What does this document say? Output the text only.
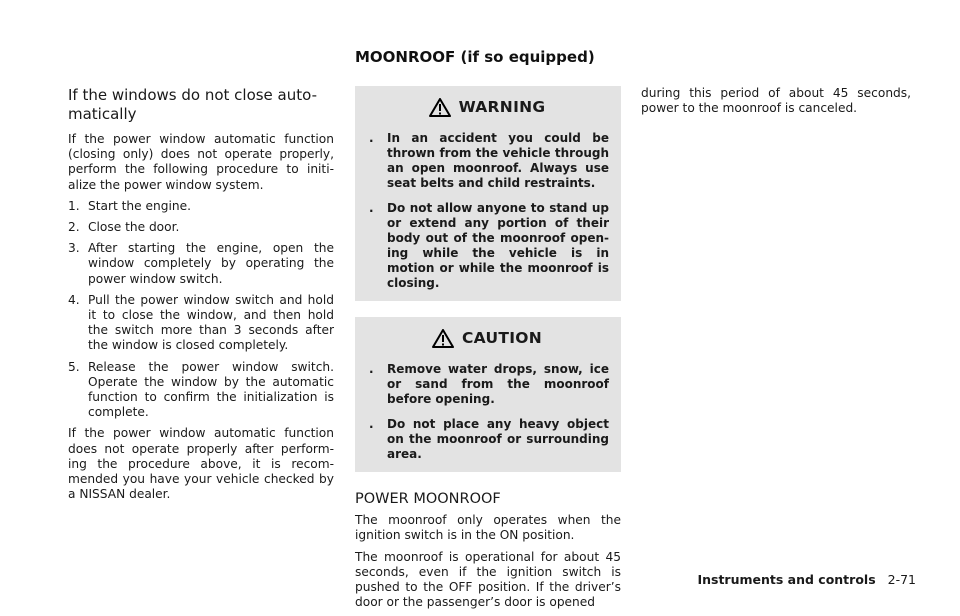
MOONROOF (if so equipped)
If the windows do not close auto-matically

If the power window automatic function (closing only) does not operate properly, perform the following procedure to initi-alize the power window system.

1. Start the engine.
2. Close the door.
3. After starting the engine, open the window completely by operating the power window switch.
4. Pull the power window switch and hold it to close the window, and then hold the switch more than 3 seconds after the window is closed completely.
5. Release the power window switch. Operate the window by the automatic function to confirm the initialization is complete.

If the power window automatic function does not operate properly after perform-ing the procedure above, it is recom-mended you have your vehicle checked by a NISSAN dealer.

WARNING
.	In an accident you could be thrown from the vehicle through an open moonroof. Always use seat belts and child restraints.
.	Do not allow anyone to stand up or extend any portion of their body out of the moonroof open-ing while the vehicle is in motion or while the moonroof is closing.
CAUTION
.	Remove water drops, snow, ice or sand from the moonroof before opening.
.	Do not place any heavy object on the moonroof or surrounding area.
POWER MOONROOF

The moonroof only operates when the ignition switch is in the ON position.

The moonroof is operational for about 45 seconds, even if the ignition switch is pushed to the OFF position. If the driver’s door or the passenger’s door is opened

during this period of about 45 seconds, power to the moonroof is canceled.

Instruments and controls 2-71
